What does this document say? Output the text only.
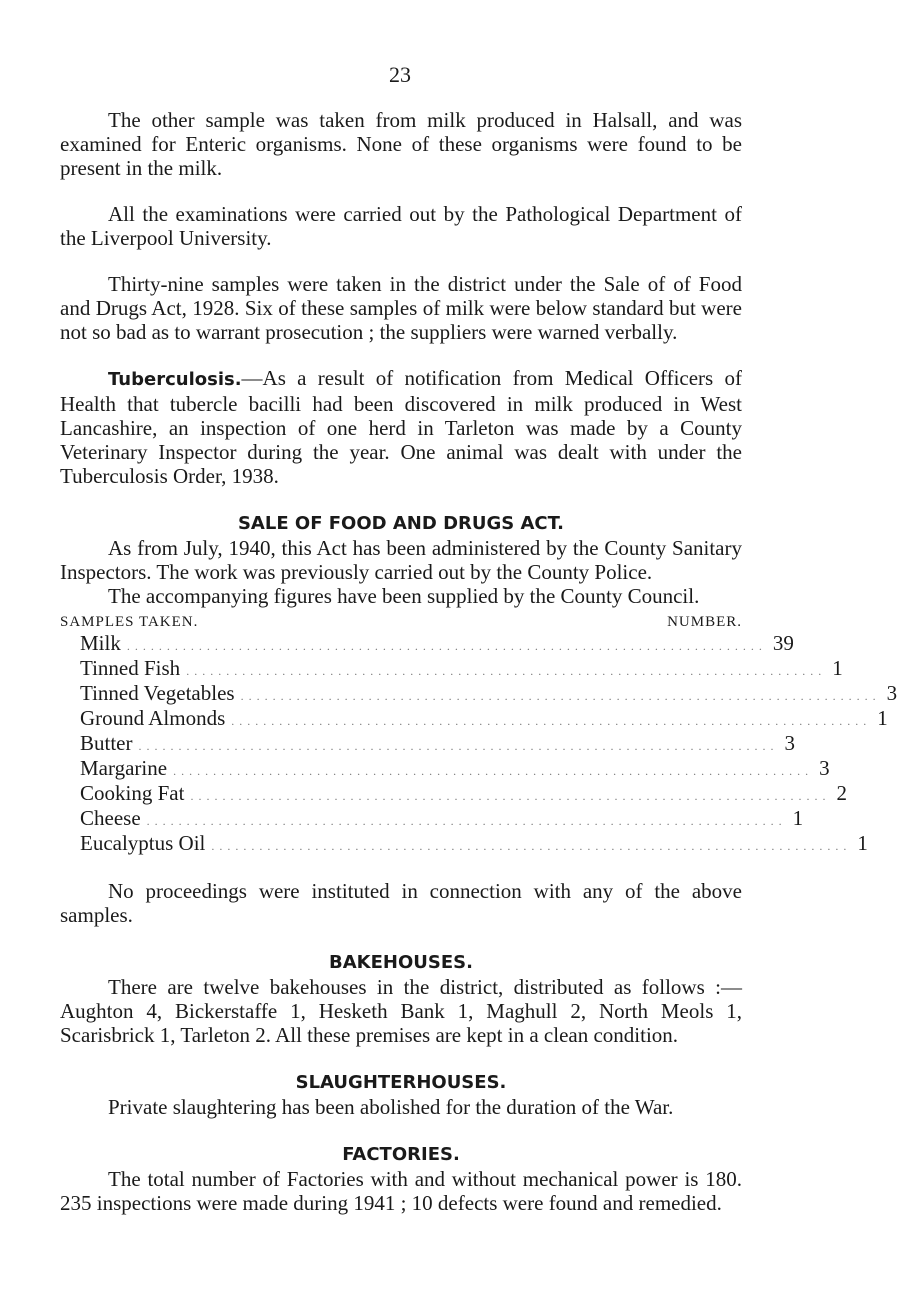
23

The other sample was taken from milk produced in Halsall, and was examined for Enteric organisms. None of these organisms were found to be present in the milk.

All the examinations were carried out by the Pathological Department of the Liverpool University.

Thirty-nine samples were taken in the district under the Sale of of Food and Drugs Act, 1928. Six of these samples of milk were below standard but were not so bad as to warrant prosecution ; the suppliers were warned verbally.

Tuberculosis.—As a result of notification from Medical Officers of Health that tubercle bacilli had been discovered in milk produced in West Lancashire, an inspection of one herd in Tarleton was made by a County Veterinary Inspector during the year. One animal was dealt with under the Tuberculosis Order, 1938.

SALE OF FOOD AND DRUGS ACT.

As from July, 1940, this Act has been administered by the County Sanitary Inspectors. The work was previously carried out by the County Police.

The accompanying figures have been supplied by the County Council.

SAMPLES TAKEN.	NUMBER.
Milk ................................................................................ 39
Tinned Fish ................................................................................ 1
Tinned Vegetables ................................................................................ 3
Ground Almonds ................................................................................ 1
Butter ................................................................................ 3
Margarine ................................................................................ 3
Cooking Fat ................................................................................ 2
Cheese ................................................................................ 1
Eucalyptus Oil ................................................................................ 1

No proceedings were instituted in connection with any of the above samples.

BAKEHOUSES.

There are twelve bakehouses in the district, distributed as follows :—Aughton 4, Bickerstaffe 1, Hesketh Bank 1, Maghull 2, North Meols 1, Scarisbrick 1, Tarleton 2. All these premises are kept in a clean condition.

SLAUGHTERHOUSES.

Private slaughtering has been abolished for the duration of the War.

FACTORIES.

The total number of Factories with and without mechanical power is 180. 235 inspections were made during 1941 ; 10 defects were found and remedied.
